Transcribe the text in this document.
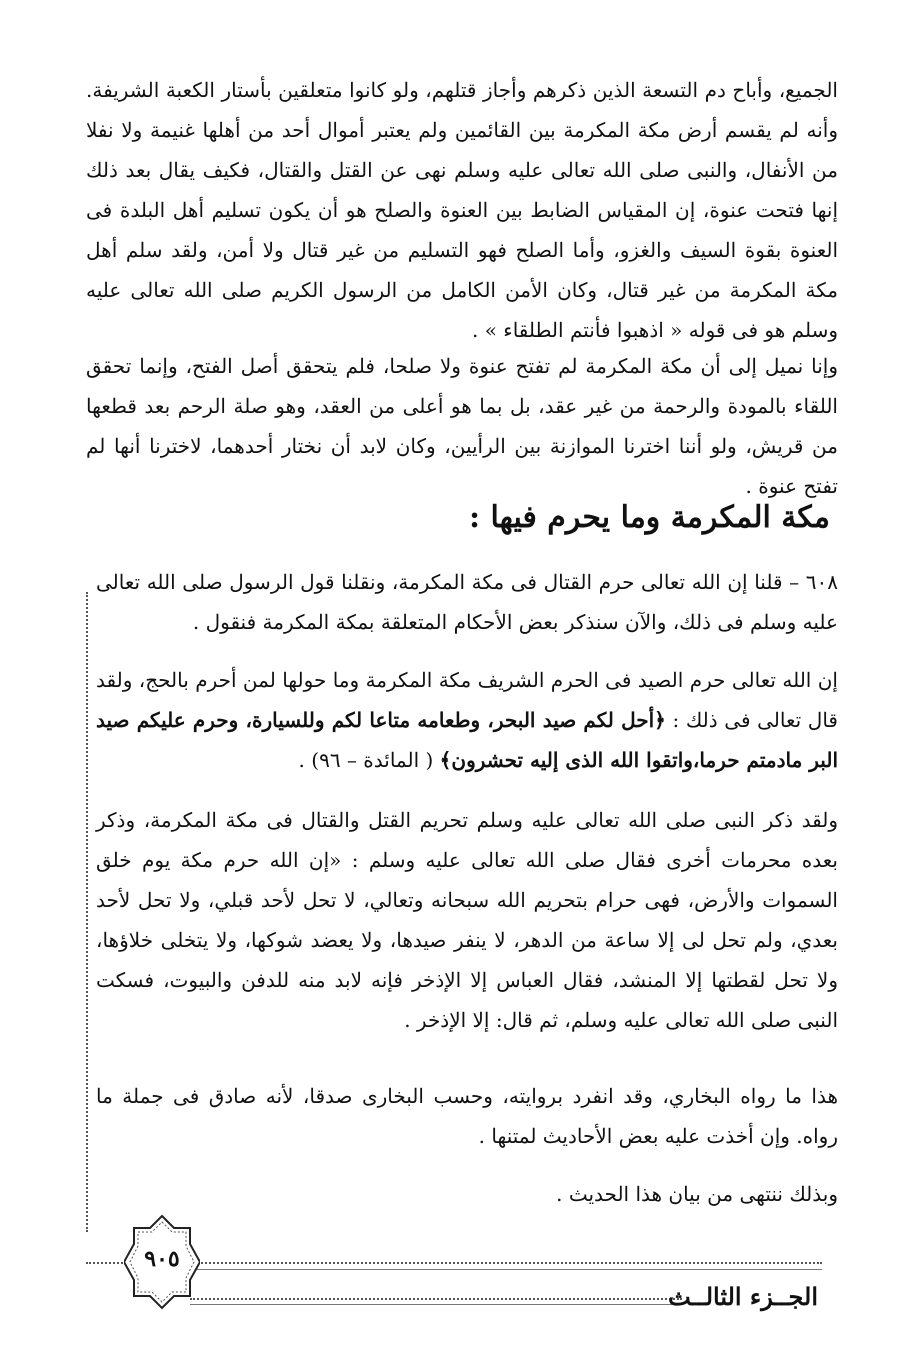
الجميع، وأباح دم التسعة الذين ذكرهم وأجاز قتلهم، ولو كانوا متعلقين بأستار الكعبة الشريفة. وأنه لم يقسم أرض مكة المكرمة بين القائمين ولم يعتبر أموال أحد من أهلها غنيمة ولا نفلا من الأنفال، والنبى صلى الله تعالى عليه وسلم نهى عن القتل والقتال، فكيف يقال بعد ذلك إنها فتحت عنوة، إن المقياس الضابط بين العنوة والصلح هو أن يكون تسليم أهل البلدة فى العنوة بقوة السيف والغزو، وأما الصلح فهو التسليم من غير قتال ولا أمن، ولقد سلم أهل مكة المكرمة من غير قتال، وكان الأمن الكامل من الرسول الكريم صلى الله تعالى عليه وسلم هو فى قوله « اذهبوا فأنتم الطلقاء » .

وإنا نميل إلى أن مكة المكرمة لم تفتح عنوة ولا صلحا، فلم يتحقق أصل الفتح، وإنما تحقق اللقاء بالمودة والرحمة من غير عقد، بل بما هو أعلى من العقد، وهو صلة الرحم بعد قطعها من قريش، ولو أننا اخترنا الموازنة بين الرأيين، وكان لابد أن نختار أحدهما، لاخترنا أنها لم تفتح عنوة .

مكة المكرمة وما يحرم فيها :

٦٠٨ – قلنا إن الله تعالى حرم القتال فى مكة المكرمة، ونقلنا قول الرسول صلى الله تعالى عليه وسلم فى ذلك، والآن سنذكر بعض الأحكام المتعلقة بمكة المكرمة فنقول .

إن الله تعالى حرم الصيد فى الحرم الشريف مكة المكرمة وما حولها لمن أحرم بالحج، ولقد قال تعالى فى ذلك : ﴿أحل لكم صيد البحر، وطعامه متاعا لكم وللسيارة، وحرم عليكم صيد البر مادمتم حرما،واتقوا الله الذى إليه تحشرون﴾ ( المائدة – ٩٦) .

ولقد ذكر النبى صلى الله تعالى عليه وسلم تحريم القتل والقتال فى مكة المكرمة، وذكر بعده محرمات أخرى فقال صلى الله تعالى عليه وسلم : «إن الله حرم مكة يوم خلق السموات والأرض، فهى حرام بتحريم الله سبحانه وتعالي، لا تحل لأحد قبلي، ولا تحل لأحد بعدي، ولم تحل لى إلا ساعة من الدهر، لا ينفر صيدها، ولا يعضد شوكها، ولا يتخلى خلاؤها، ولا تحل لقطتها إلا المنشد، فقال العباس إلا الإذخر فإنه لابد منه للدفن والبيوت، فسكت النبى صلى الله تعالى عليه وسلم، ثم قال: إلا الإذخر .

هذا ما رواه البخاري، وقد انفرد بروايته، وحسب البخارى صدقا، لأنه صادق فى جملة ما رواه. وإن أخذت عليه بعض الأحاديث لمتنها .

وبذلك ننتهى من بيان هذا الحديث .

٩٠٥
الجــزء الثالــث
